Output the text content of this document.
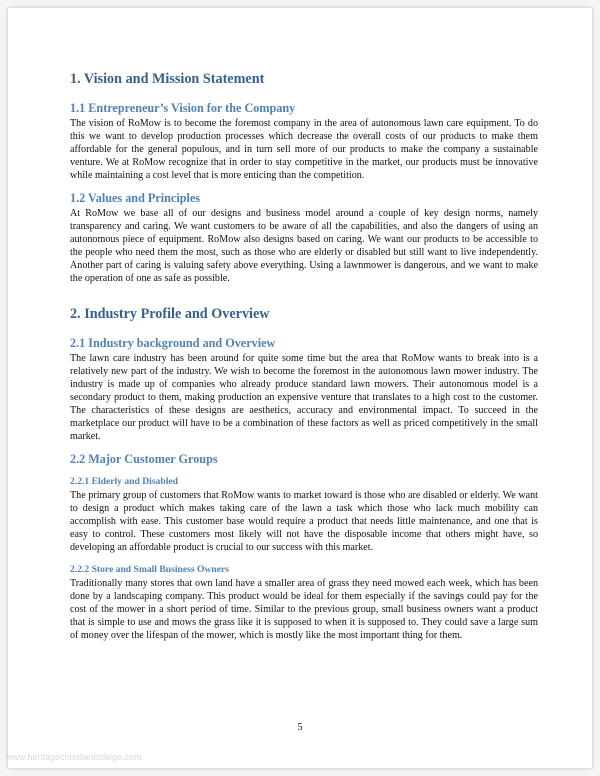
1. Vision and Mission Statement
1.1 Entrepreneur’s Vision for the Company

The vision of RoMow is to become the foremost company in the area of autonomous lawn care equipment. To do this we want to develop production processes which decrease the overall costs of our products to make them affordable for the general populous, and in turn sell more of our products to make the company a sustainable venture. We at RoMow recognize that in order to stay competitive in the market, our products must be innovative while maintaining a cost level that is more enticing than the competition.

1.2 Values and Principles

At RoMow we base all of our designs and business model around a couple of key design norms, namely transparency and caring. We want customers to be aware of all the capabilities, and also the dangers of using an autonomous piece of equipment. RoMow also designs based on caring. We want our products to be accessible to the people who need them the most, such as those who are elderly or disabled but still want to live independently. Another part of caring is valuing safety above everything. Using a lawnmower is dangerous, and we want to make the operation of one as safe as possible.

2. Industry Profile and Overview
2.1 Industry background and Overview

The lawn care industry has been around for quite some time but the area that RoMow wants to break into is a relatively new part of the industry. We wish to become the foremost in the autonomous lawn mower industry. The industry is made up of companies who already produce standard lawn mowers. Their autonomous model is a secondary product to them, making production an expensive venture that translates to a high cost to the customer. The characteristics of these designs are aesthetics, accuracy and environmental impact. To succeed in the marketplace our product will have to be a combination of these factors as well as priced competitively in the small market.

2.2 Major Customer Groups
2.2.1 Elderly and Disabled

The primary group of customers that RoMow wants to market toward is those who are disabled or elderly. We want to design a product which makes taking care of the lawn a task which those who lack much mobility can accomplish with ease. This customer base would require a product that needs little maintenance, and one that is easy to control. These customers most likely will not have the disposable income that others might have, so developing an affordable product is crucial to our success with this market.

2.2.2 Store and Small Business Owners

Traditionally many stores that own land have a smaller area of grass they need mowed each week, which has been done by a landscaping company. This product would be ideal for them especially if the savings could pay for the cost of the mower in a short period of time. Similar to the previous group, small business owners want a product that is simple to use and mows the grass like it is supposed to when it is supposed to. They could save a large sum of money over the lifespan of the mower, which is mostly like the most important thing for them.

5
www.heritagechristiancollege.com
